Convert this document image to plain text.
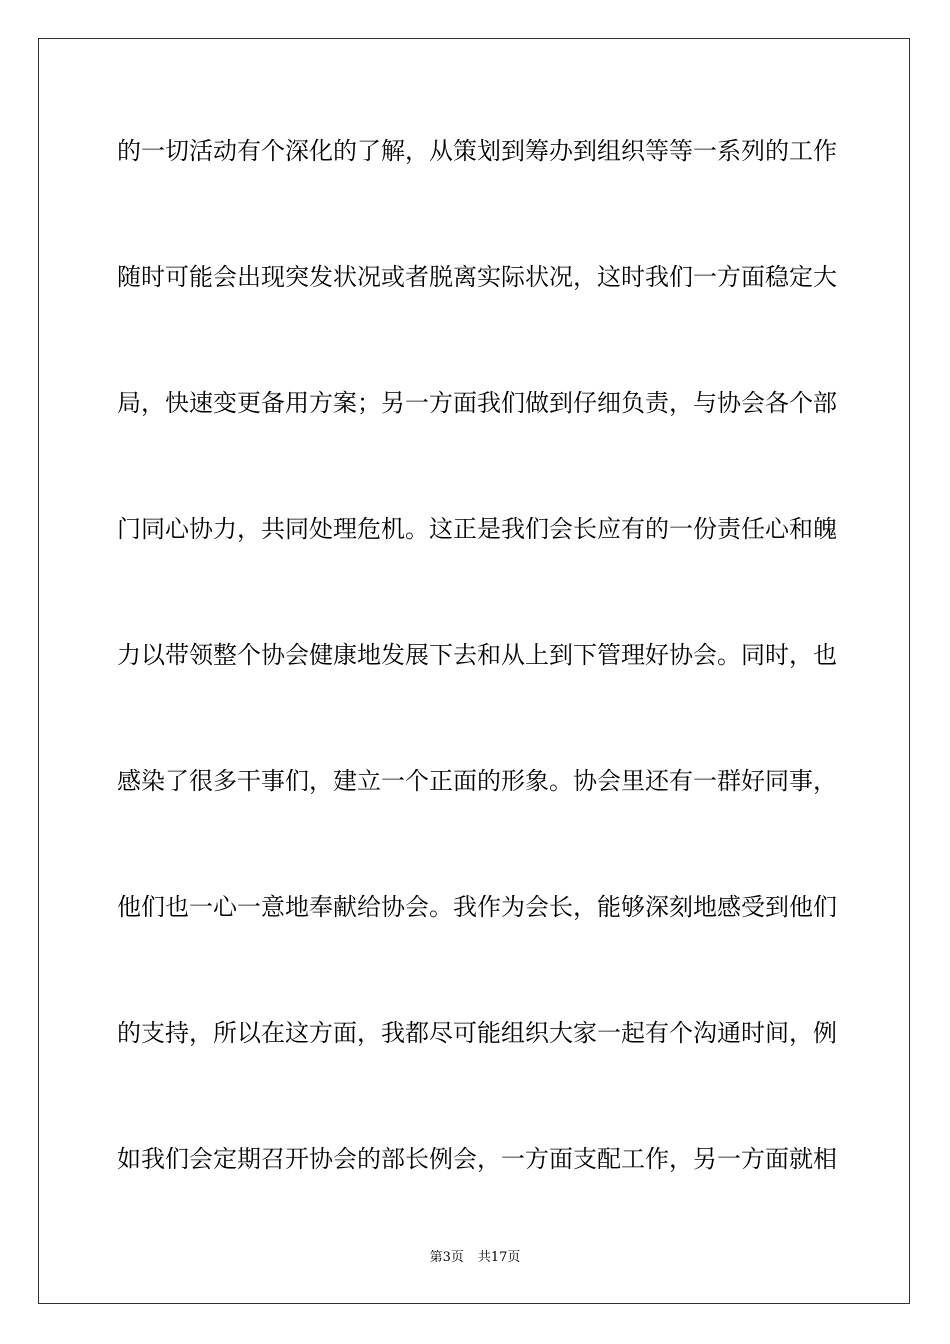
的一切活动有个深化的了解，从策划到筹办到组织等等一系列的工作
随时可能会出现突发状况或者脱离实际状况，这时我们一方面稳定大
局，快速变更备用方案；另一方面我们做到仔细负责，与协会各个部
门同心协力，共同处理危机。这正是我们会长应有的一份责任心和魄
力以带领整个协会健康地发展下去和从上到下管理好协会。同时，也
感染了很多干事们，建立一个正面的形象。协会里还有一群好同事，
他们也一心一意地奉献给协会。我作为会长，能够深刻地感受到他们
的支持，所以在这方面，我都尽可能组织大家一起有个沟通时间，例
如我们会定期召开协会的部长例会，一方面支配工作，另一方面就相
第3页 共17页
